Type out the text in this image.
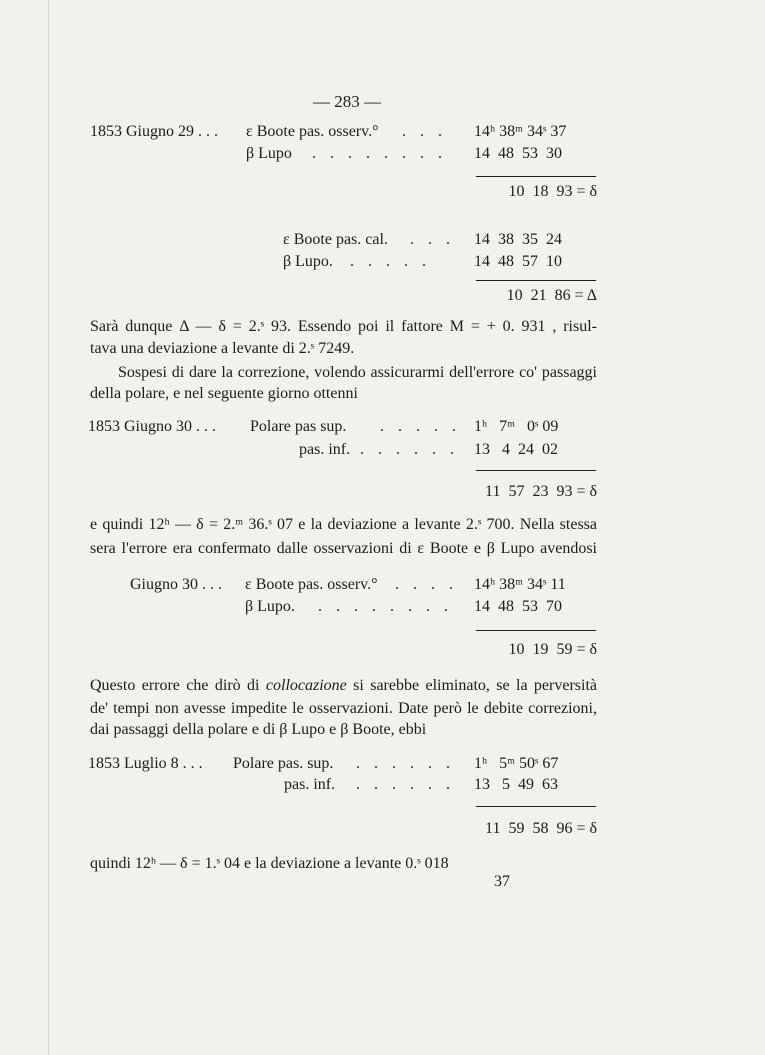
— 283 —
1853 Giugno 29 . . . ε Boote pas. osserv.° . . . 14ʰ 38ᵐ 34ˢ 37
β Lupo . . . . . . . . 14  48  53  30
10  18  93 = δ
ε Boote pas. cal. . . . 14  38  35  24
β Lupo. . . . . .	14  48  57  10
10  21  86 = Δ
Sarà dunque Δ — δ = 2.ˢ 93. Essendo poi il fattore M = + 0. 931 , risul-
tava una deviazione a levante di 2.ˢ 7249.
Sospesi di dare la correzione, volendo assicurarmi dell'errore co' passaggi
della polare, e nel seguente giorno ottenni
1853 Giugno 30 . . . Polare pas sup. . . . . . 1ʰ   7ᵐ   0ˢ 09
pas. inf. . . . . . . 13   4  24  02
11  57  23  93 = δ
e quindi 12ʰ — δ = 2.ᵐ 36.ˢ 07 e la deviazione a levante 2.ˢ 700. Nella stessa
sera l'errore era confermato dalle osservazioni di ε Boote e β Lupo avendosi
Giugno 30 . . . ε Boote pas. osserv.° . . . . 14ʰ 38ᵐ 34ˢ 11
β Lupo. . . . . . . . . 14  48  53  70
10  19  59 = δ
Questo errore che dirò di collocazione si sarebbe eliminato, se la perversità
de' tempi non avesse impedite le osservazioni. Date però le debite correzioni,
dai passaggi della polare e di β Lupo e β Boote, ebbi
1853 Luglio 8 . . . Polare pas. sup. . . . . . . 1ʰ   5ᵐ 50ˢ 67
pas. inf. . . . . . . 13   5  49  63
11  59  58  96 = δ
quindi 12ʰ — δ = 1.ˢ 04 e la deviazione a levante 0.ˢ 018
37
